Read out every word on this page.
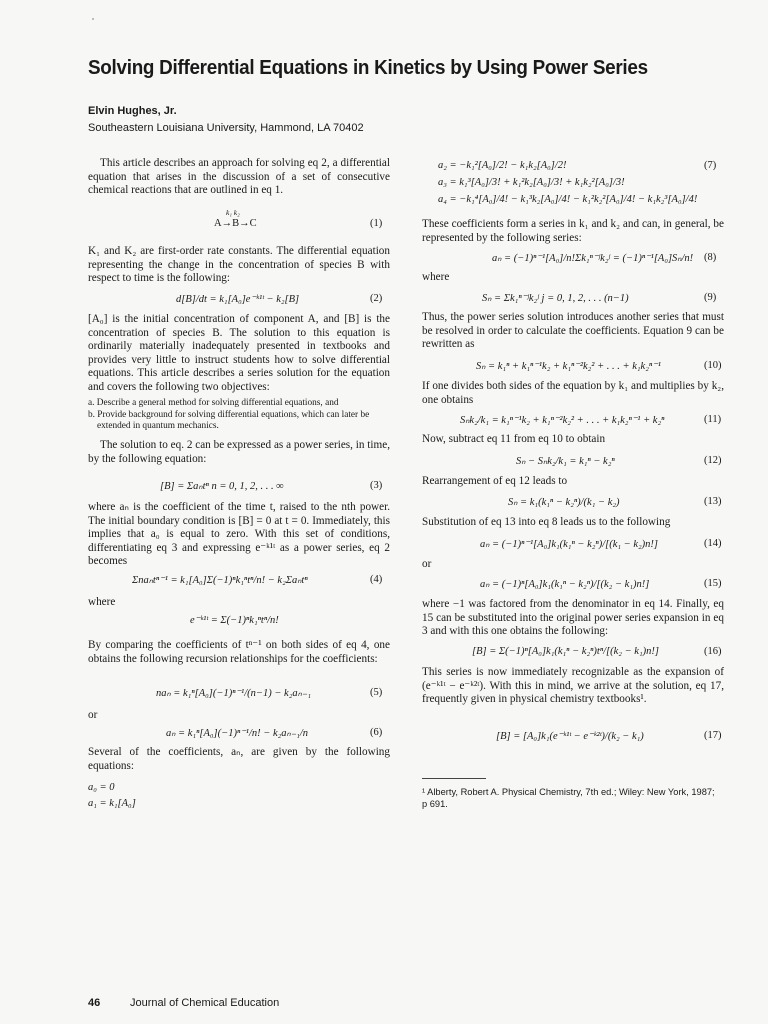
Solving Differential Equations in Kinetics by Using Power Series
Elvin Hughes, Jr.
Southeastern Louisiana University, Hammond, LA 70402
This article describes an approach for solving eq 2, a differential equation that arises in the discussion of a set of consecutive chemical reactions that are outlined in eq 1.
k₁ k₂
A→B→C	(1)
K₁ and K₂ are first-order rate constants. The differential equation representing the change in the concentration of species B with respect to time is the following:
d[B]/dt = k₁[A₀]e⁻ᵏ¹ᵗ − k₂[B]	(2)
[A₀] is the initial concentration of component A, and [B] is the concentration of species B. The solution to this equation is ordinarily materially inadequately presented in textbooks and provides very little to instruct students how to solve differential equations. This article describes a series solution for the equation and covers the following two objectives:
a. Describe a general method for solving differential equations, and
b. Provide background for solving differential equations, which can later be extended in quantum mechanics.
The solution to eq. 2 can be expressed as a power series, in time, by the following equation:
[B] = Σaₙtⁿ n = 0, 1, 2, . . . ∞	(3)
where aₙ is the coefficient of the time t, raised to the nth power. The initial boundary condition is [B] = 0 at t = 0. Immediately, this implies that a₀ is equal to zero. With this set of conditions, differentiating eq 3 and expressing e⁻ᵏ¹ᵗ as a power series, eq 2 becomes
Σnaₙtⁿ⁻¹ = k₁[A₀]Σ(−1)ⁿk₁ⁿtⁿ/n! − k₂Σaₙtⁿ	(4)
where
e⁻ᵏ¹ᵗ = Σ(−1)ⁿk₁ⁿtⁿ/n!
By comparing the coefficients of tⁿ⁻¹ on both sides of eq 4, one obtains the following recursion relationships for the coefficients:
naₙ = k₁ⁿ[A₀](−1)ⁿ⁻¹/(n−1) − k₂aₙ₋₁	(5)
or
aₙ = k₁ⁿ[A₀](−1)ⁿ⁻¹/n! − k₂aₙ₋₁/n	(6)
Several of the coefficients, aₙ, are given by the following equations:
a₀ = 0
a₁ = k₁[A₀]
a₂ = −k₁²[A₀]/2! − k₁k₂[A₀]/2!	(7)
a₃ = k₁³[A₀]/3! + k₁²k₂[A₀]/3! + k₁k₂²[A₀]/3!
a₄ = −k₁⁴[A₀]/4! − k₁³k₂[A₀]/4! − k₁²k₂²[A₀]/4! − k₁k₂³[A₀]/4!
These coefficients form a series in k₁ and k₂ and can, in general, be represented by the following series:
aₙ = (−1)ⁿ⁻¹[A₀]/n!Σk₁ⁿ⁻ʲk₂ʲ = (−1)ⁿ⁻¹[A₀]Sₙ/n! (8)
where
Sₙ = Σk₁ⁿ⁻ʲk₂ʲ j = 0, 1, 2, . . . (n−1)	(9)
Thus, the power series solution introduces another series that must be resolved in order to calculate the coefficients. Equation 9 can be rewritten as
Sₙ = k₁ⁿ + k₁ⁿ⁻¹k₂ + k₁ⁿ⁻²k₂² + . . . + k₁k₂ⁿ⁻¹	(10)
If one divides both sides of the equation by k₁ and multiplies by k₂, one obtains
Sₙk₂/k₁ = k₁ⁿ⁻¹k₂ + k₁ⁿ⁻²k₂² + . . . + k₁k₂ⁿ⁻¹ + k₂ⁿ	(11)
Now, subtract eq 11 from eq 10 to obtain
Sₙ − Sₙk₂/k₁ = k₁ⁿ − k₂ⁿ	(12)
Rearrangement of eq 12 leads to
Sₙ = k₁(k₁ⁿ − k₂ⁿ)/(k₁ − k₂)	(13)
Substitution of eq 13 into eq 8 leads us to the following
aₙ = (−1)ⁿ⁻¹[A₀]k₁(k₁ⁿ − k₂ⁿ)/[(k₁ − k₂)n!]	(14)
or
aₙ = (−1)ⁿ[A₀]k₁(k₁ⁿ − k₂ⁿ)/[(k₂ − k₁)n!]	(15)
where −1 was factored from the denominator in eq 14. Finally, eq 15 can be substituted into the original power series expansion in eq 3 and with this one obtains the following:
[B] = Σ(−1)ⁿ[A₀]k₁(k₁ⁿ − k₂ⁿ)tⁿ/[(k₂ − k₁)n!]	(16)
This series is now immediately recognizable as the expansion of (e⁻ᵏ¹ᵗ − e⁻ᵏ²ᵗ). With this in mind, we arrive at the solution, eq 17, frequently given in physical chemistry textbooks¹.
[B] = [A₀]k₁(e⁻ᵏ¹ᵗ − e⁻ᵏ²ᵗ)/(k₂ − k₁)	(17)
¹ Alberty, Robert A. Physical Chemistry, 7th ed.; Wiley: New York, 1987; p 691.
46	Journal of Chemical Education
